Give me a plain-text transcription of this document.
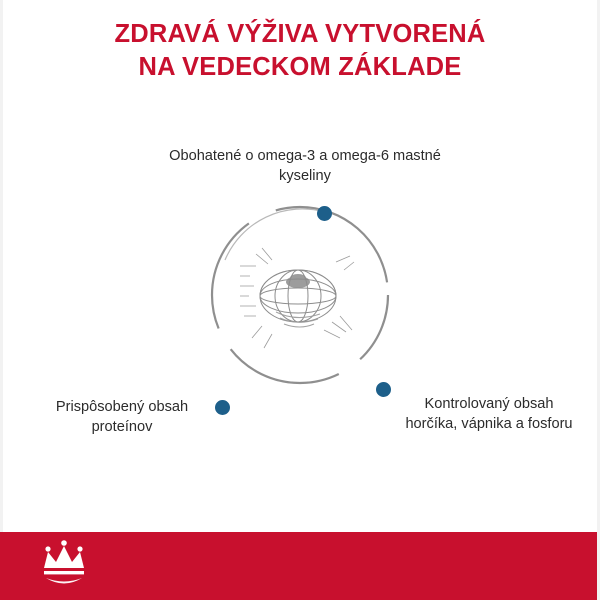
ZDRAVÁ VÝŽIVA VYTVORENÁ
NA VEDECKOM ZÁKLADE
Obohatené o omega-3 a omega-6 mastné kyseliny
Prispôsobený obsah proteínov
Kontrolovaný obsah horčíka, vápnika a fosforu
